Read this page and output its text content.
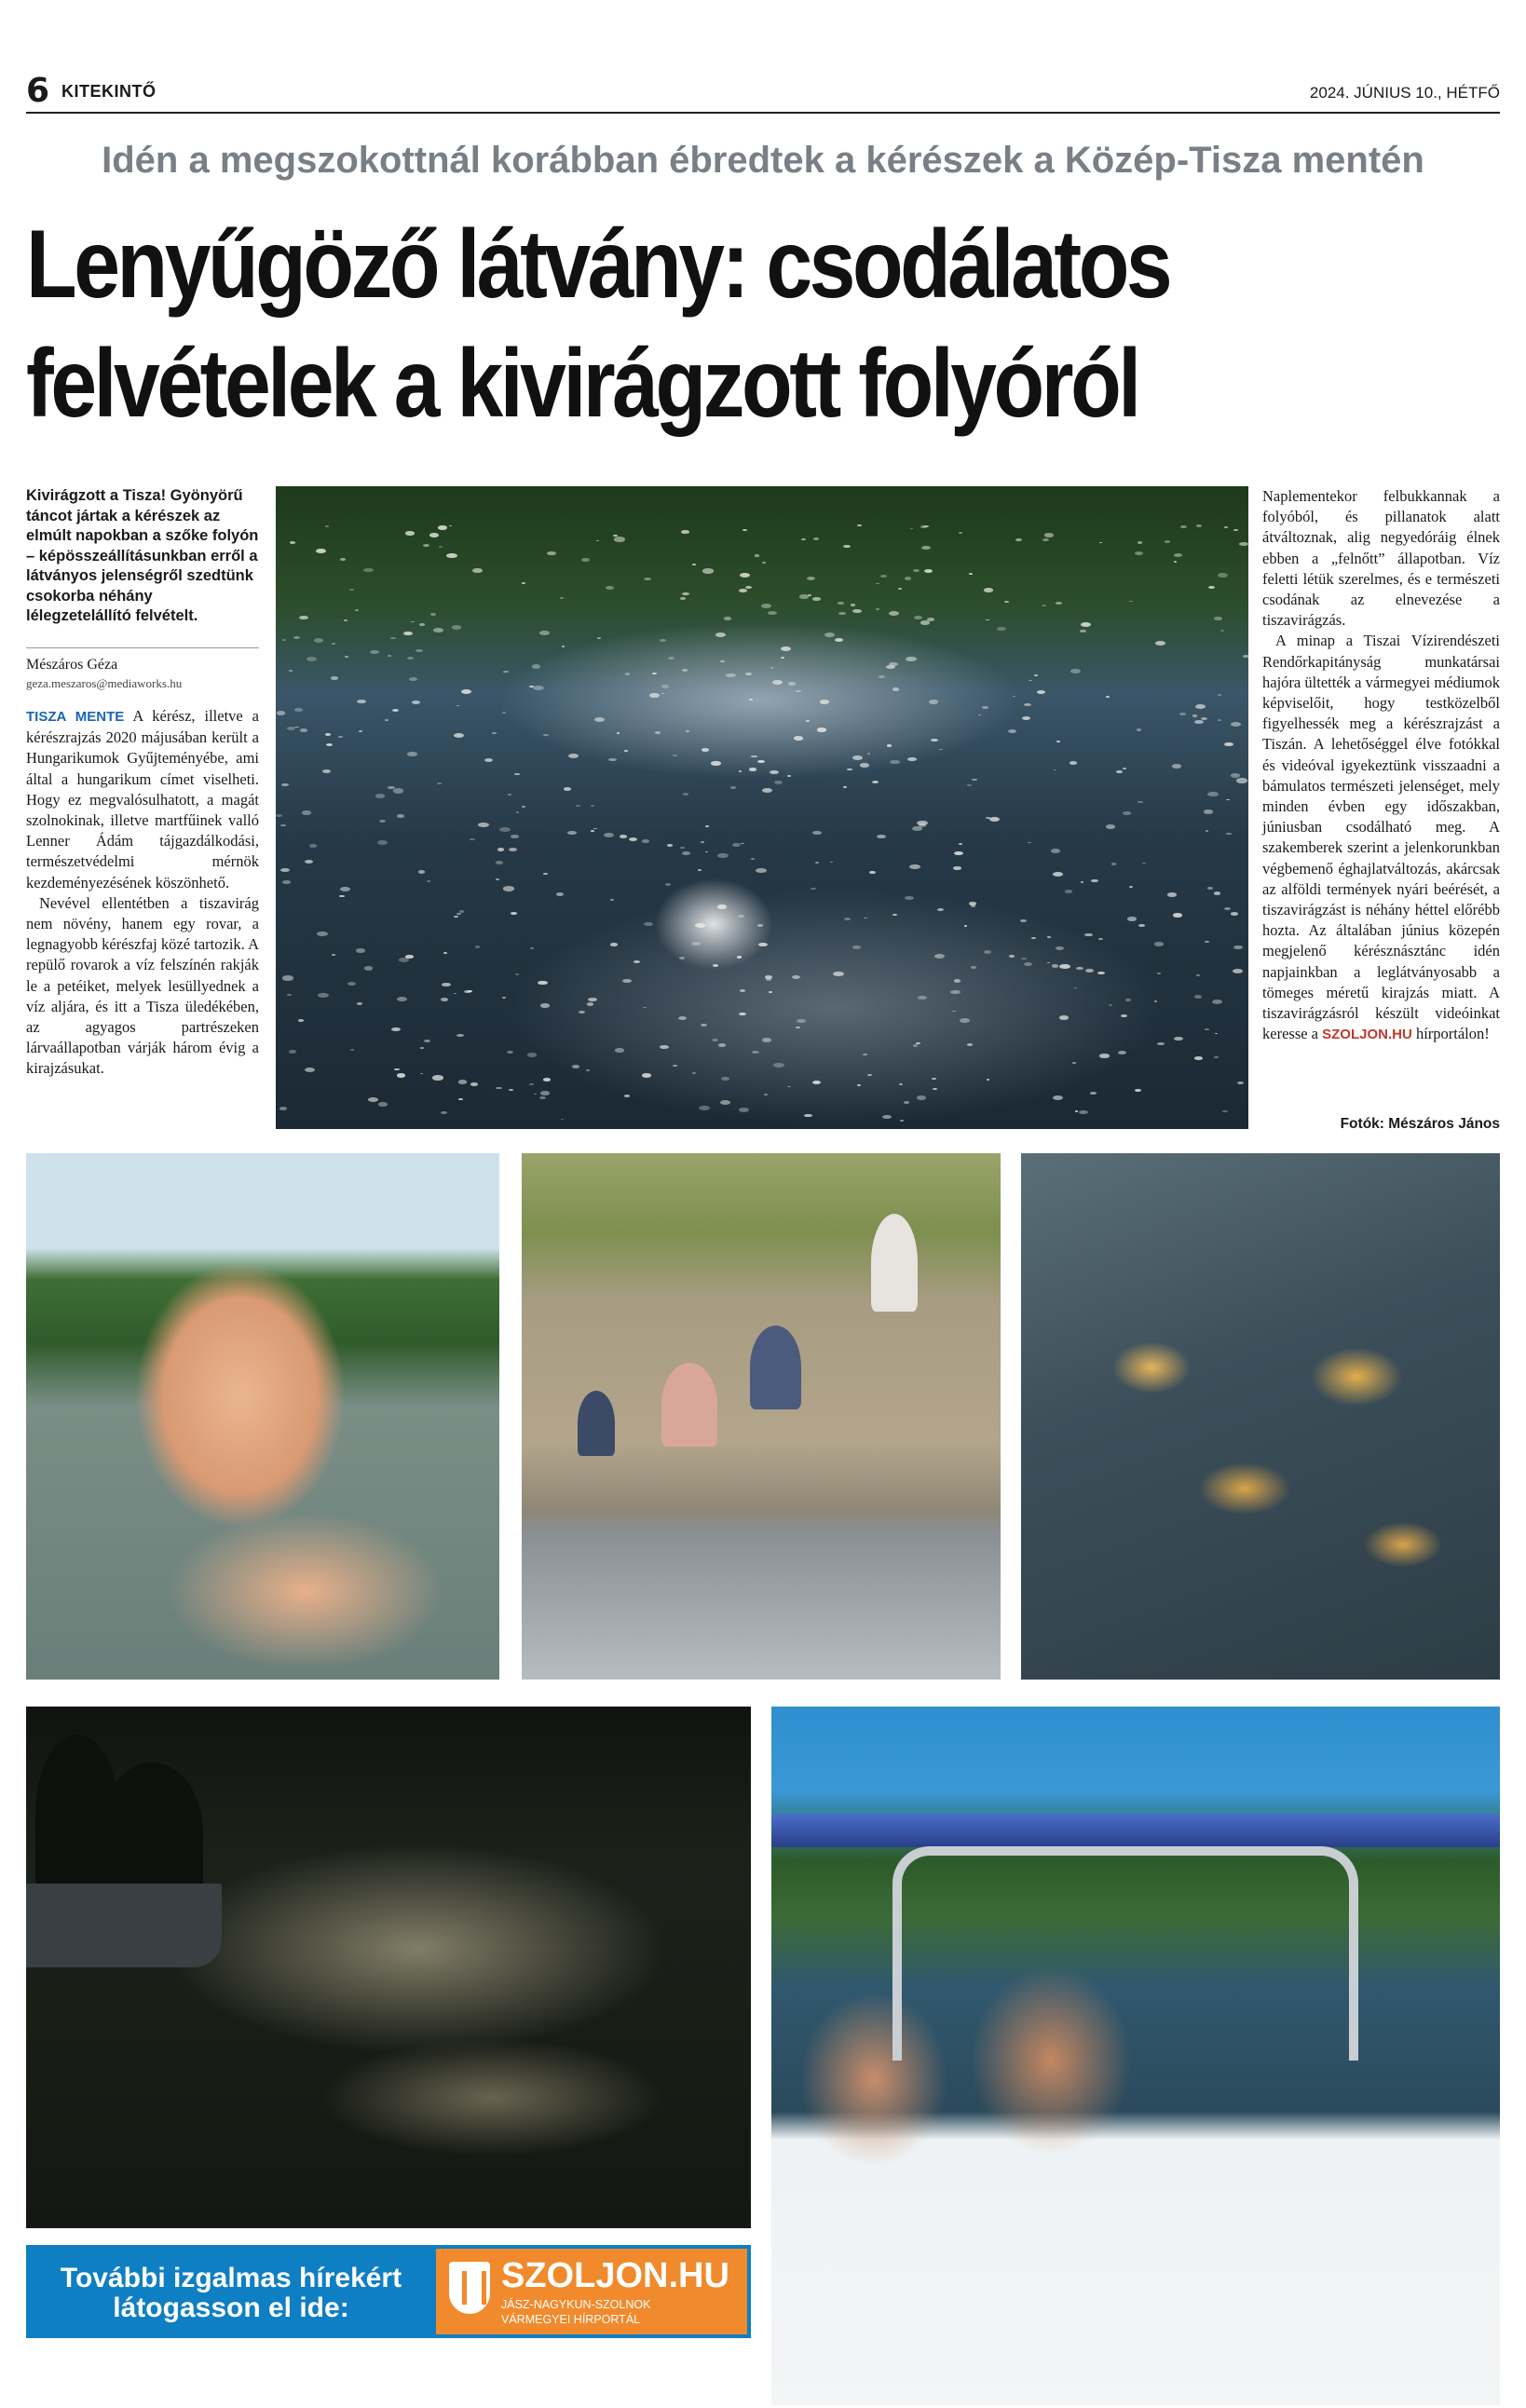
6 KITEKINTŐ	2024. JÚNIUS 10., HÉTFŐ
Idén a megszokottnál korábban ébredtek a kérészek a Közép-Tisza mentén
Lenyűgöző látvány: csodálatos
felvételek a kivirágzott folyóról
Kivirágzott a Tisza! Gyönyörű táncot jártak a kérészek az elmúlt napokban a szőke folyón – képösszeállításunkban erről a látványos jelenségről szedtünk csokorba néhány lélegzetelállító felvételt.
Mészáros Géza
geza.meszaros@mediaworks.hu

TISZA MENTE A kérész, illetve a kérészrajzás 2020 májusában került a Hungarikumok Gyűjteményébe, ami által a hungarikum címet viselheti. Hogy ez megvalósulhatott, a magát szolnokinak, illetve martfűinek valló Lenner Ádám tájgazdálkodási, természetvédelmi mérnök kezdeményezésének köszönhető.

Nevével ellentétben a tiszavirág nem növény, hanem egy rovar, a legnagyobb kérészfaj közé tartozik. A repülő rovarok a víz felszínén rakják le a petéiket, melyek lesüllyednek a víz aljára, és itt a Tisza üledékében, az agyagos partrészeken lárvaállapotban várják három évig a kirajzásukat.

Naplementekor felbukkannak a folyóból, és pillanatok alatt átváltoznak, alig negyedóráig élnek ebben a „felnőtt” állapotban. Víz feletti létük szerelmes, és e természeti csodának az elnevezése a tiszavirágzás.

A minap a Tiszai Vízirendészeti Rendőrkapitányság munkatársai hajóra ültették a vármegyei médiumok képviselőit, hogy testközelből figyelhessék meg a kérészrajzást a Tiszán. A lehetőséggel élve fotókkal és videóval igyekeztünk visszaadni a bámulatos természeti jelenséget, mely minden évben egy időszakban, júniusban csodálható meg. A szakemberek szerint a jelenkorunkban végbemenő éghajlatváltozás, akárcsak az alföldi termények nyári beérését, a tiszavirágzást is néhány héttel előrébb hozta. Az általában június közepén megjelenő kérésznásztánc idén napjainkban a leglátványosabb a tömeges méretű kirajzás miatt. A tiszavirágzásról készült videóinkat keresse a SZOLJON.HU hírportálon!

Fotók: Mészáros János
További izgalmas hírekért
látogasson el ide:
SZOLJON.HU
JÁSZ-NAGYKUN-SZOLNOK
VÁRMEGYEI HÍRPORTÁL
